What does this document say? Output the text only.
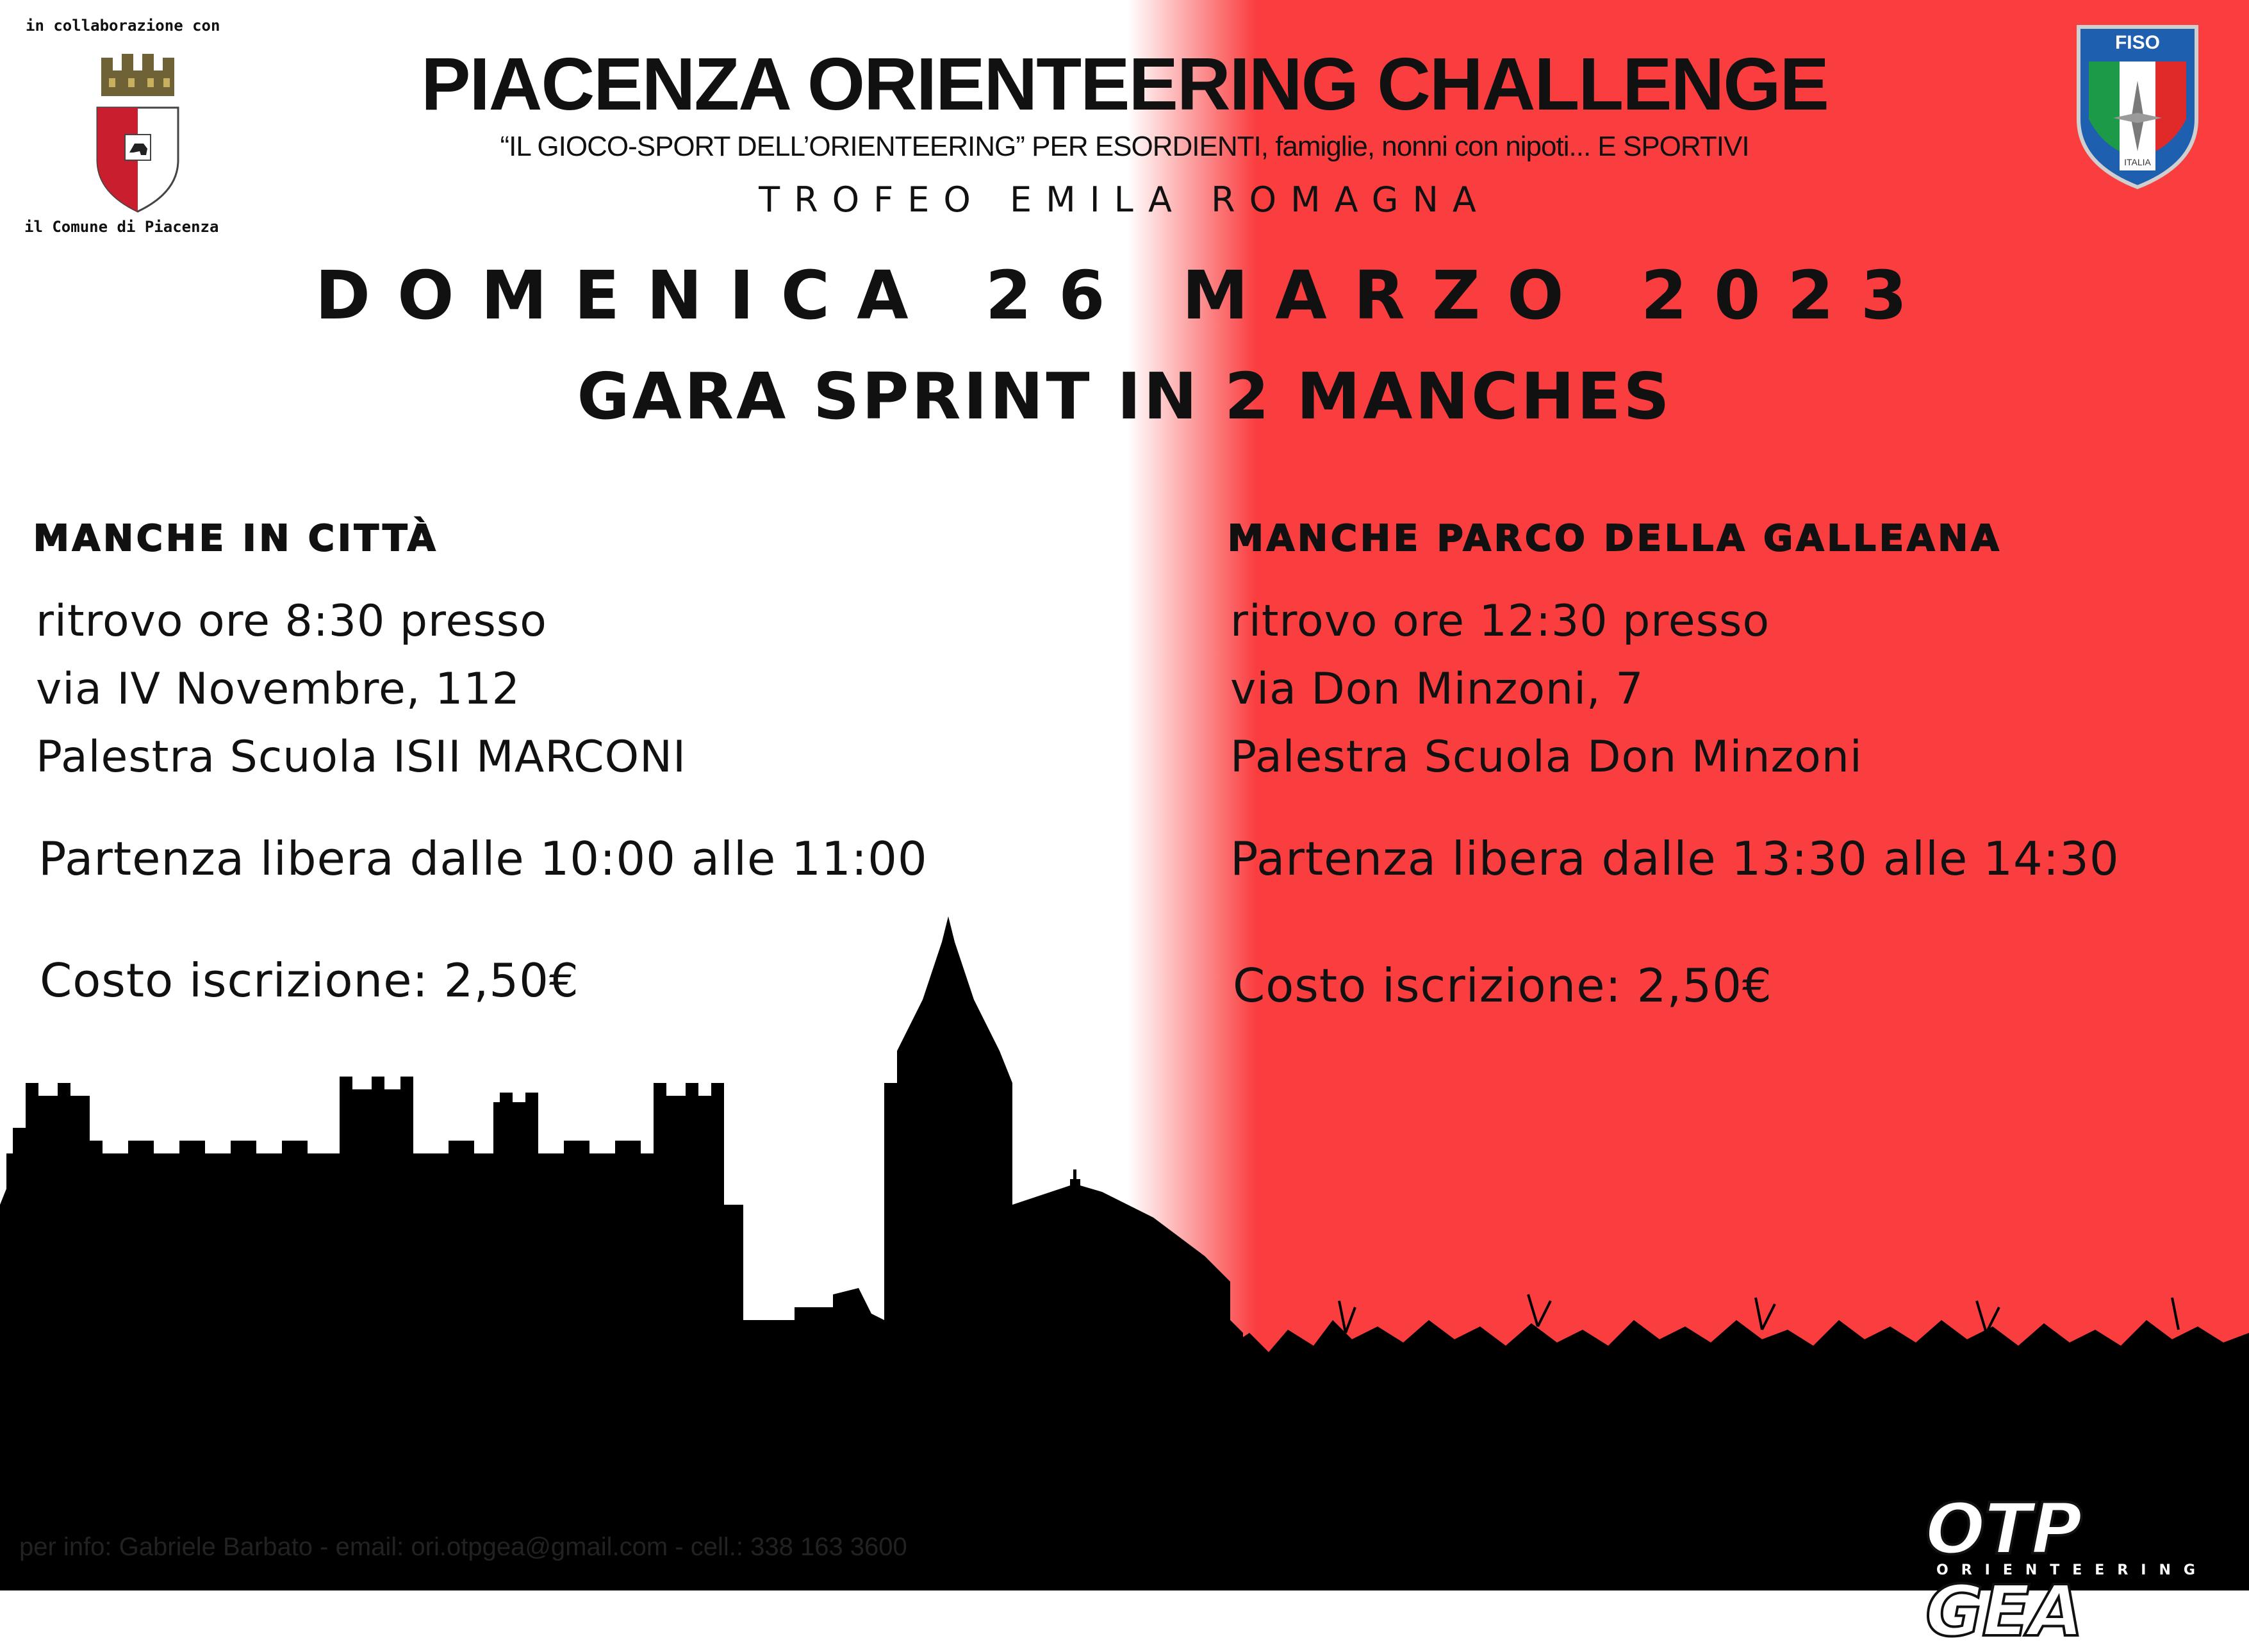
in collaborazione con
il Comune di Piacenza
FISO
ITALIA
PIACENZA ORIENTEERING CHALLENGE
“IL GIOCO-SPORT DELL’ORIENTEERING” PER ESORDIENTI, famiglie, nonni con nipoti... E SPORTIVI
TROFEO EMILA ROMAGNA
DOMENICA 26 MARZO 2023
GARA SPRINT IN 2 MANCHES
MANCHE IN CITTÀ
ritrovo ore 8:30 presso
via IV Novembre, 112
Palestra Scuola ISII MARCONI
Partenza libera dalle 10:00 alle 11:00
Costo iscrizione: 2,50€
MANCHE PARCO DELLA GALLEANA
ritrovo ore 12:30 presso
via Don Minzoni, 7
Palestra Scuola Don Minzoni
Partenza libera dalle 13:30 alle 14:30
Costo iscrizione: 2,50€
per info: Gabriele Barbato - email: ori.otpgea@gmail.com - cell.: 338 163 3600	OTP GEA
ORIENTEERING
